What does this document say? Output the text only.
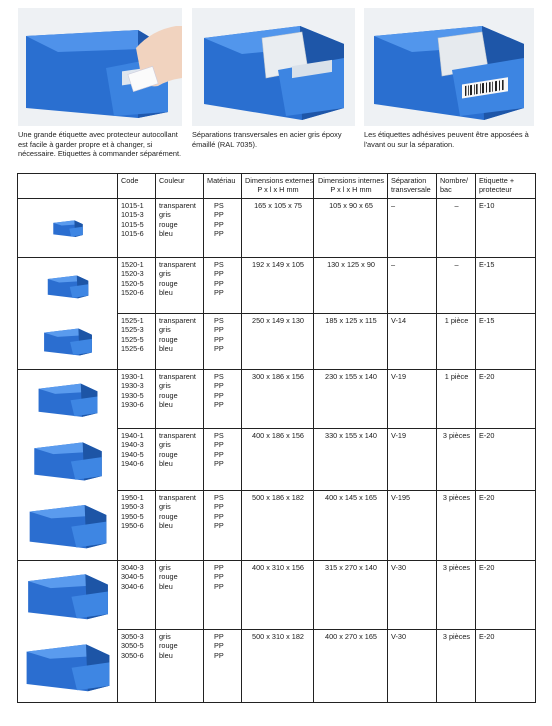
Une grande étiquette avec protecteur autocollant est facile à garder propre et à changer, si nécessaire. Etiquettes à commander séparément.
Séparations transversales en acier gris époxy émaillé (RAL 7035).
Les étiquettes adhésives peuvent être apposées à l'avant ou sur la séparation.
	Code	Couleur	Matériau	Dimensions externes
P x l x H mm	Dimensions internes
P x l x H mm	Séparation
transversale	Nombre/
bac	Etiquette +
protecteur

1015-1
1015-3
1015-5
1015-6	transparent
gris
rouge
bleu	PS
PP
PP
PP	165 x 105 x 75	105 x 90 x 65	–	–	E-10

1520-1
1520-3
1520-5
1520-6	transparent
gris
rouge
bleu	PS
PP
PP
PP	192 x 149 x 105	130 x 125 x 90	–	–	E-15

1525-1
1525-3
1525-5
1525-6	transparent
gris
rouge
bleu	PS
PP
PP
PP	250 x 149 x 130	185 x 125 x 115	V-14	1 pièce	E-15

1930-1
1930-3
1930-5
1930-6	transparent
gris
rouge
bleu	PS
PP
PP
PP	300 x 186 x 156	230 x 155 x 140	V-19	1 pièce	E-20

1940-1
1940-3
1940-5
1940-6	transparent
gris
rouge
bleu	PS
PP
PP
PP	400 x 186 x 156	330 x 155 x 140	V-19	3 pièces	E-20

1950-1
1950-3
1950-5
1950-6	transparent
gris
rouge
bleu	PS
PP
PP
PP	500 x 186 x 182	400 x 145 x 165	V-195	3 pièces	E-20

3040-3
3040-5
3040-6	gris
rouge
bleu	PP
PP
PP	400 x 310 x 156	315 x 270 x 140	V-30	3 pièces	E-20

3050-3
3050-5
3050-6	gris
rouge
bleu	PP
PP
PP	500 x 310 x 182	400 x 270 x 165	V-30	3 pièces	E-20
